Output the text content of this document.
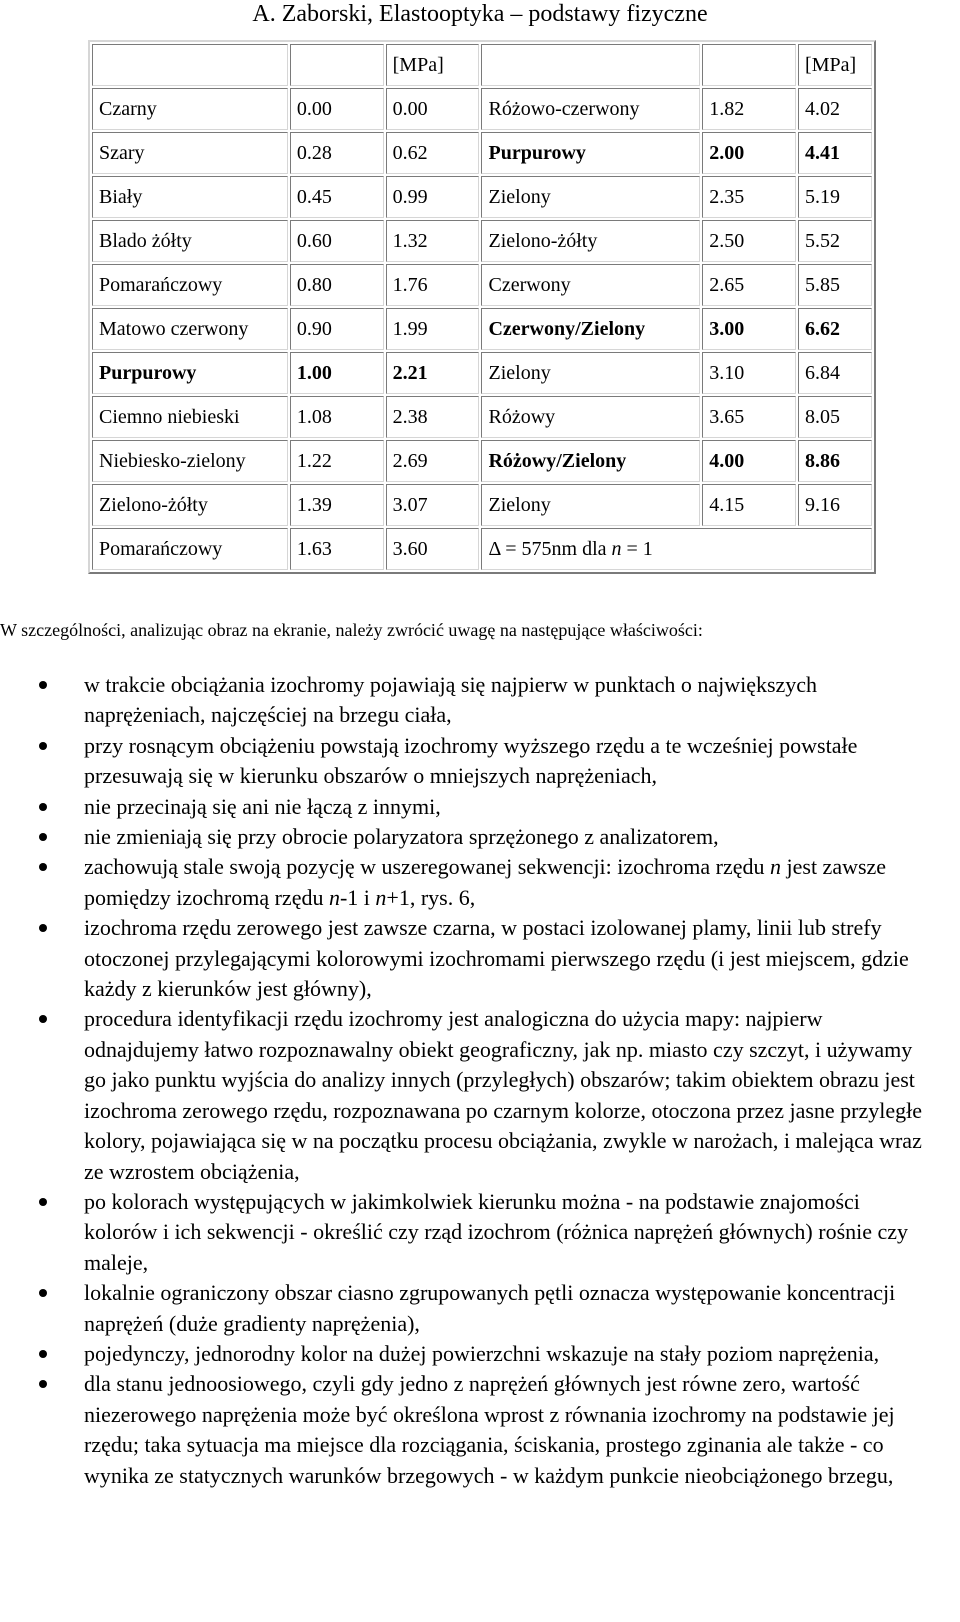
A. Zaborski, Elastooptyka – podstawy fizyczne
		[MPa]			[MPa]
Czarny	0.00	0.00	Różowo-czerwony	1.82	4.02
Szary	0.28	0.62	Purpurowy	2.00	4.41
Biały	0.45	0.99	Zielony	2.35	5.19
Blado żółty	0.60	1.32	Zielono-żółty	2.50	5.52
Pomarańczowy	0.80	1.76	Czerwony	2.65	5.85
Matowo czerwony	0.90	1.99	Czerwony/Zielony	3.00	6.62
Purpurowy	1.00	2.21	Zielony	3.10	6.84
Ciemno niebieski	1.08	2.38	Różowy	3.65	8.05
Niebiesko-zielony	1.22	2.69	Różowy/Zielony	4.00	8.86
Zielono-żółty	1.39	3.07	Zielony	4.15	9.16
Pomarańczowy	1.63	3.60	Δ = 575nm dla n = 1		
W szczególności, analizując obraz na ekranie, należy zwrócić uwagę na następujące właściwości:
w trakcie obciążania izochromy pojawiają się najpierw w punktach o największych naprężeniach, najczęściej na brzegu ciała,
przy rosnącym obciążeniu powstają izochromy wyższego rzędu a te wcześniej powstałe przesuwają się w kierunku obszarów o mniejszych naprężeniach,
nie przecinają się ani nie łączą z innymi,
nie zmieniają się przy obrocie polaryzatora sprzężonego z analizatorem,
zachowują stale swoją pozycję w uszeregowanej sekwencji: izochroma rzędu n jest zawsze pomiędzy izochromą rzędu n-1 i n+1, rys. 6,
izochroma rzędu zerowego jest zawsze czarna, w postaci izolowanej plamy, linii lub strefy otoczonej przylegającymi kolorowymi izochromami pierwszego rzędu (i jest miejscem, gdzie każdy z kierunków jest główny),
procedura identyfikacji rzędu izochromy jest analogiczna do użycia mapy: najpierw odnajdujemy łatwo rozpoznawalny obiekt geograficzny, jak np. miasto czy szczyt, i używamy go jako punktu wyjścia do analizy innych (przyległych) obszarów; takim obiektem obrazu jest izochroma zerowego rzędu, rozpoznawana po czarnym kolorze, otoczona przez jasne przyległe kolory, pojawiająca się w na początku procesu obciążania, zwykle w narożach, i malejąca wraz ze wzrostem obciążenia,
po kolorach występujących w jakimkolwiek kierunku można - na podstawie znajomości kolorów i ich sekwencji - określić czy rząd izochrom (różnica naprężeń głównych) rośnie czy maleje,
lokalnie ograniczony obszar ciasno zgrupowanych pętli oznacza występowanie koncentracji naprężeń (duże gradienty naprężenia),
pojedynczy, jednorodny kolor na dużej powierzchni wskazuje na stały poziom naprężenia,
dla stanu jednoosiowego, czyli gdy jedno z naprężeń głównych jest równe zero, wartość niezerowego naprężenia może być określona wprost z równania izochromy na podstawie jej rzędu; taka sytuacja ma miejsce dla rozciągania, ściskania, prostego zginania ale także - co wynika ze statycznych warunków brzegowych - w każdym punkcie nieobciążonego brzegu,
